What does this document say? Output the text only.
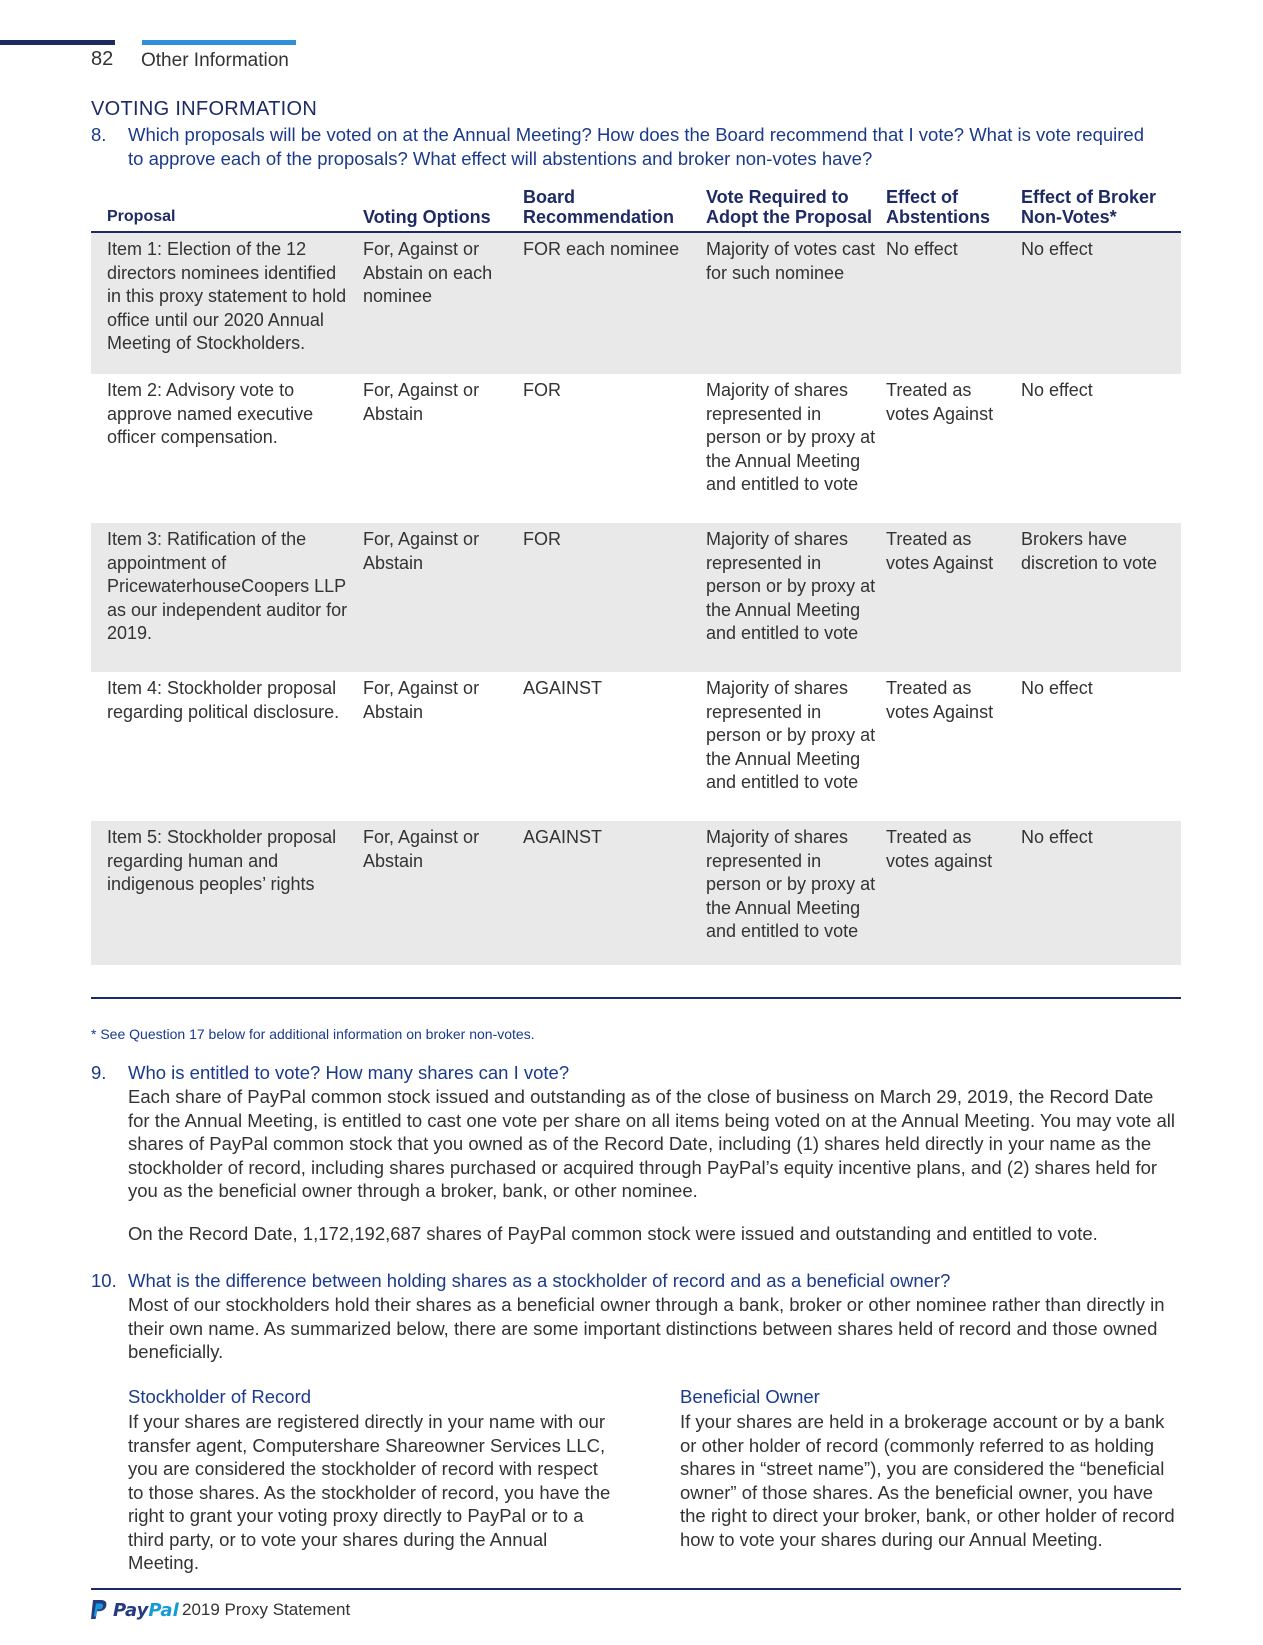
82 Other Information
VOTING INFORMATION
8. Which proposals will be voted on at the Annual Meeting? How does the Board recommend that I vote? What is vote required to approve each of the proposals? What effect will abstentions and broker non-votes have?
Proposal	Voting Options	Board Recommendation	Vote Required to Adopt the Proposal	Effect of Abstentions	Effect of Broker Non-Votes*
Item 1: Election of the 12 directors nominees identified in this proxy statement to hold office until our 2020 Annual Meeting of Stockholders.	For, Against or Abstain on each nominee	FOR each nominee	Majority of votes cast for such nominee	No effect	No effect
Item 2: Advisory vote to approve named executive officer compensation.	For, Against or Abstain	FOR	Majority of shares represented in person or by proxy at the Annual Meeting and entitled to vote	Treated as votes Against	No effect
Item 3: Ratification of the appointment of PricewaterhouseCoopers LLP as our independent auditor for 2019.	For, Against or Abstain	FOR	Majority of shares represented in person or by proxy at the Annual Meeting and entitled to vote	Treated as votes Against	Brokers have discretion to vote
Item 4: Stockholder proposal regarding political disclosure.	For, Against or Abstain	AGAINST	Majority of shares represented in person or by proxy at the Annual Meeting and entitled to vote	Treated as votes Against	No effect
Item 5: Stockholder proposal regarding human and indigenous peoples’ rights	For, Against or Abstain	AGAINST	Majority of shares represented in person or by proxy at the Annual Meeting and entitled to vote	Treated as votes against	No effect
* See Question 17 below for additional information on broker non-votes.
9. Who is entitled to vote? How many shares can I vote?
Each share of PayPal common stock issued and outstanding as of the close of business on March 29, 2019, the Record Date for the Annual Meeting, is entitled to cast one vote per share on all items being voted on at the Annual Meeting. You may vote all shares of PayPal common stock that you owned as of the Record Date, including (1) shares held directly in your name as the stockholder of record, including shares purchased or acquired through PayPal’s equity incentive plans, and (2) shares held for you as the beneficial owner through a broker, bank, or other nominee.
On the Record Date, 1,172,192,687 shares of PayPal common stock were issued and outstanding and entitled to vote.
10. What is the difference between holding shares as a stockholder of record and as a beneficial owner?
Most of our stockholders hold their shares as a beneficial owner through a bank, broker or other nominee rather than directly in their own name. As summarized below, there are some important distinctions between shares held of record and those owned beneficially.
Stockholder of Record
If your shares are registered directly in your name with our transfer agent, Computershare Shareowner Services LLC, you are considered the stockholder of record with respect to those shares. As the stockholder of record, you have the right to grant your voting proxy directly to PayPal or to a third party, or to vote your shares during the Annual Meeting.
Beneficial Owner
If your shares are held in a brokerage account or by a bank or other holder of record (commonly referred to as holding shares in “street name”), you are considered the “beneficial owner” of those shares. As the beneficial owner, you have the right to direct your broker, bank, or other holder of record how to vote your shares during our Annual Meeting.
PayPal 2019 Proxy Statement
